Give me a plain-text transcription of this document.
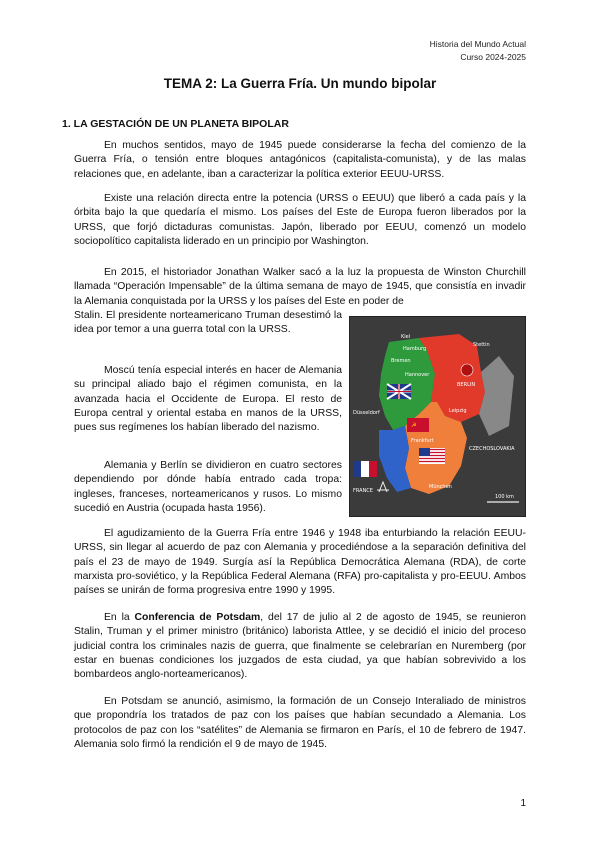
Historia del Mundo Actual
Curso 2024-2025
TEMA 2: La Guerra Fría. Un mundo bipolar
1. LA GESTACIÓN DE UN PLANETA BIPOLAR

En muchos sentidos, mayo de 1945 puede considerarse la fecha del comienzo de la Guerra Fría, o tensión entre bloques antagónicos (capitalista-comunista), y de las malas relaciones que, en adelante, iban a caracterizar la política exterior EEUU-URSS.

Existe una relación directa entre la potencia (URSS o EEUU) que liberó a cada país y la órbita bajo la que quedaría el mismo. Los países del Este de Europa fueron liberados por la URSS, que forjó dictaduras comunistas. Japón, liberado por EEUU, comenzó un modelo sociopolítico capitalista liderado en un principio por Washington.

En 2015, el historiador Jonathan Walker sacó a la luz la propuesta de Winston Churchill llamada “Operación Impensable” de la última semana de mayo de 1945, que consistía en invadir la Alemania conquistada por la URSS y los países del Este en poder de

Stalin. El presidente norteamericano Truman desestimó la idea por temor a una guerra total con la URSS.

Moscú tenía especial interés en hacer de Alemania su principal aliado bajo el régimen comunista, en la avanzada hacia el Occidente de Europa. El resto de Europa central y oriental estaba en manos de la URSS, pues sus regímenes los habían liberado del nazismo.

Alemania y Berlín se dividieron en cuatro sectores dependiendo por dónde había entrado cada tropa: ingleses, franceses, norteamericanos y rusos. Lo mismo sucedió en Austria (ocupada hasta 1956).

El agudizamiento de la Guerra Fría entre 1946 y 1948 iba enturbiando la relación EEUU-URSS, sin llegar al acuerdo de paz con Alemania y procediéndose a la separación definitiva del país el 23 de mayo de 1949. Surgía así la República Democrática Alemana (RDA), de corte marxista pro-soviético, y la República Federal Alemana (RFA) pro-capitalista y pro-EEUU. Ambos países se unirán de forma progresiva entre 1990 y 1995.

En la Conferencia de Potsdam, del 17 de julio al 2 de agosto de 1945, se reunieron Stalin, Truman y el primer ministro (británico) laborista Attlee, y se decidió el inicio del proceso judicial contra los criminales nazis de guerra, que finalmente se celebrarían en Nuremberg (por estar en buenas condiciones los juzgados de esta ciudad, ya que habían sobrevivido a los bombardeos anglo-norteamericanos).

En Potsdam se anunció, asimismo, la formación de un Consejo Interaliado de ministros que propondría los tratados de paz con los países que habían secundado a Alemania. Los protocolos de paz con los “satélites” de Alemania se firmaron en París, el 10 de febrero de 1947. Alemania solo firmó la rendición el 9 de mayo de 1945.

☭
Kiel
Hamburg
Bremen
Hannover
Stettin
BERLIN
Düsseldorf
Frankfurt
Leipzig
CZECHOSLOVAKIA
FRANCE
München
100 km
1
